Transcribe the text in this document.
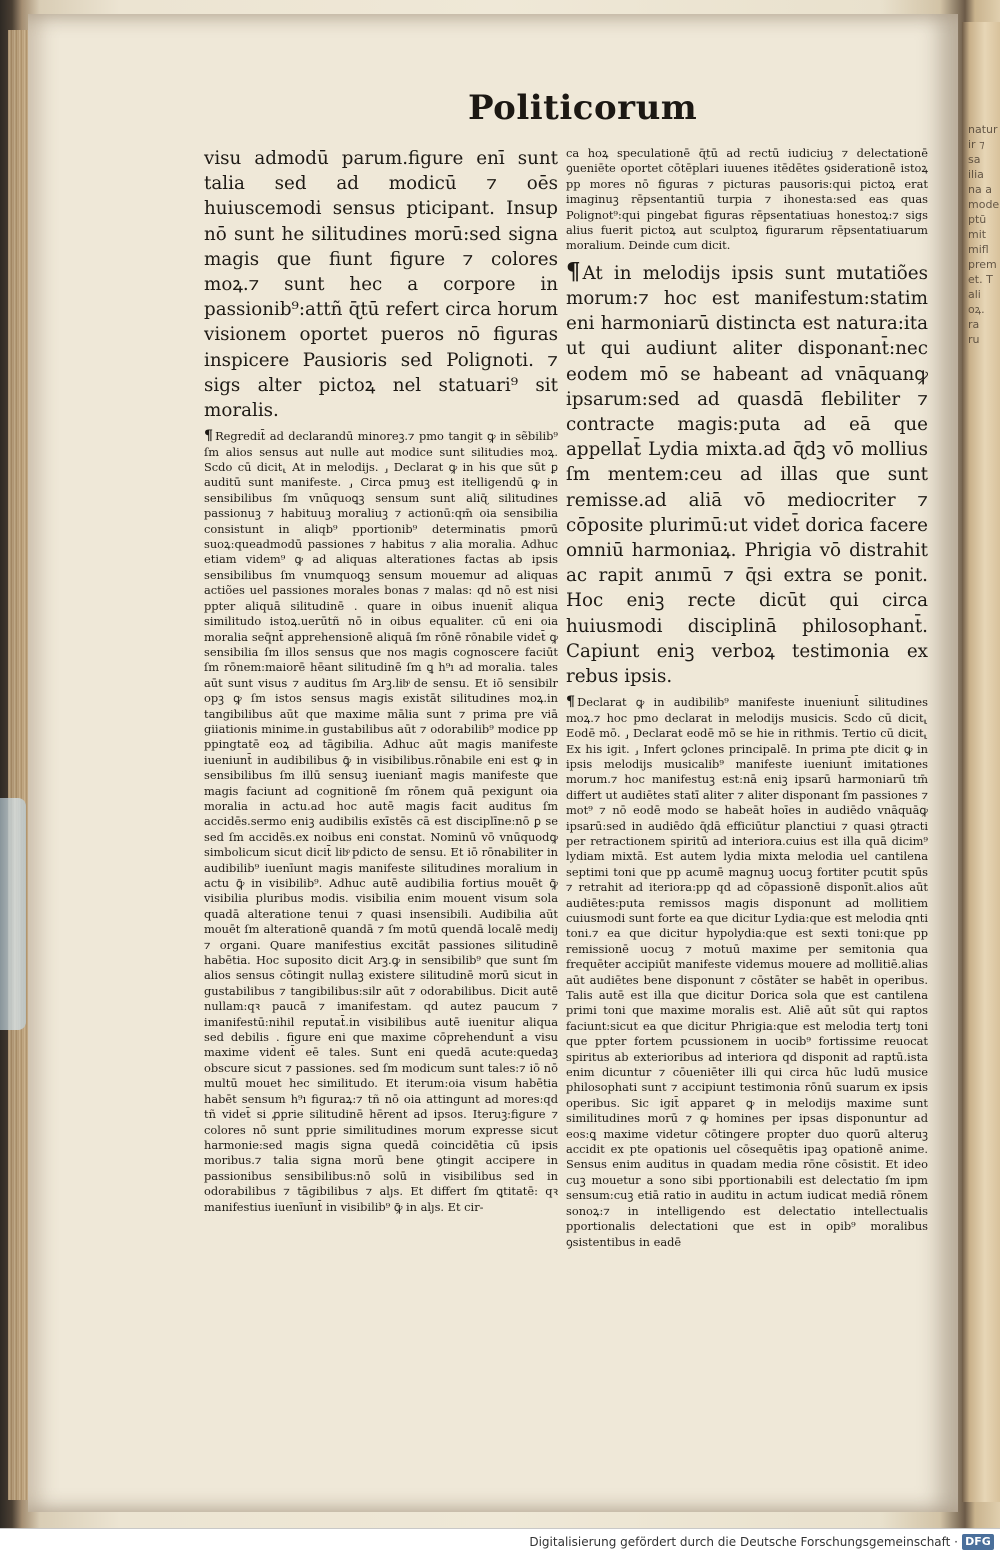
natur
ir ⁊
sa
ilia
na a
mode
ptū
mit
mifl
prem
et. T
ali
oꝝ.
ra
ru
Politicorum

visu admodū parum.figure enī sunt talia sed ad modicū ⁊ oēs huiuscemodi sensus pticipant. Insup nō sunt he silitudines morū:sed signa magis que fiunt figure ⁊ colores moꝝ.⁊ sunt hec a corpore in passionib⁹:attñ ɋ̄tū refert circa horum visionem oportet pueros nō figuras inspicere Pausioris sed Polignoti. ⁊ sigs alter pictoꝝ nel statuari⁹ sit moralis.

¶ Regredit̄ ad declarandū minoreꝫ.⁊ pmo tangit ꝙ in sẽbilib⁹ ſm alios sensus aut nulle aut modice sunt silitudies moꝝ. Scdo cū dicit⸤ At in melodijs. ⸥ Declarat ꝙ in his que sūt ꝑ auditū sunt manifeste. ⸥ Circa pmuꝫ est itelligendū ꝙ in sensibilibus ſm vnūquoꝗꝫ sensum sunt aliɋ̄ silitudines passionuꝫ ⁊ habituuꝫ moraliuꝫ ⁊ actionū:qm̄ oia sensibilia consistunt in aliqb⁹ pportionib⁹ determinatis pmorū suoꝝ:queadmodū passiones ⁊ habitus ⁊ alia moralia. Adhuc etiam videm⁹ ꝙ ad aliquas alterationes factas ab ipsis sensibilibus ſm vnumquoꝗꝫ sensum mouemur ad aliquas actiões uel passiones morales bonas ⁊ malas: qd nō est nisi ppter aliquā silitudinē . quare in oibus inuenit̄ aliqua similitudo istoꝝ.uerūtñ nō in oibus equaliter. cū eni oia moralia seq̄nt̄ apprehensionē aliquā ſm rōnē rōnabile videt̄ ꝙ sensibilia ſm illos sensus que nos magis cognoscere faciūt ſm rōnem:maiorē hēant silitudinē ſm ꝗ h⁹ı ad moralia. tales aūt sunt visus ⁊ auditus ſm Arꝫ.libͦ de sensu. Et iō sensibilr opꝫ ꝙ ſm istos sensus magis existāt silitudines moꝝ.in tangibilibus aūt que maxime mālia sunt ⁊ prima pre viā giiationis minime.in gustabilibus aūt ⁊ odorabilib⁹ modice pp ppingtatē eoꝝ ad tāgibilia. Adhuc aūt magis manifeste iueniunt̄ in audibilibus ꝙ̄ in visibilibus.rōnabile eni est ꝙ in sensibilibus ſm illū sensuꝫ iueniant̄ magis manifeste que magis faciunt ad cognitionē ſm rōnem quā pexigunt oia moralia in actu.ad hoc autē magis facit auditus ſm accidēs.sermo eniꝫ audibilis exīstēs cā est disciplīne:nō ꝑ se sed ſm accidēs.ex noibus eni constat. Nominū vō vnūquodꝙ simbolicum sicut dicit̄ libͦ pdicto de sensu. Et iō rōnabiliter in audibilib⁹ iuenīunt magis manifeste silitudines moralium in actu ꝙ̄ in visibilib⁹. Adhuc autē audibilia fortius mouēt ꝙ̄ visibilia pluribus modis. visibilia enim mouent visum sola quadā alteratione tenui ⁊ quasi insensibili. Audibilia aūt mouēt ſm alterationē quandā ⁊ ſm motū quendā localē mediȷ ⁊ organi. Quare manifestius excitāt passiones silitudinē habētia. Hoc suposito dicit Arꝫ.ꝙ in sensibilib⁹ que sunt ſm alios sensus cōtingit nullaꝫ existere silitudinē morū sicut in gustabilibus ⁊ tangibilibus:silr aūt ⁊ odorabilibus. Dicit autē nullam:qꝛ paucā ⁊ imanifestam. qd autez paucum ⁊ imanifestū:nihil reputat̄.in visibilibus autē iuenitur aliqua sed debilis . figure eni que maxime cōprehendunt̄ a visu maxime vident̄ eē tales. Sunt eni quedā acute:quedaꝫ obscure sicut ⁊ passiones. sed ſm modicum sunt tales:⁊ iō nō multū mouet hec similitudo. Et iterum:oia visum habētia habēt sensum h⁹ı figuraꝝ:⁊ tñ nō oia attingunt ad mores:qd tñ videt̄ si ꝓprie silitudinē hērent ad ipsos. Iteruꝫ:figure ⁊ colores nō sunt pprie similitudines morum expresse sicut harmonie:sed magis signa quedā coincidētia cū ipsis moribus.⁊ talia signa morū bene ꝯtingit accipere in passionibus sensibilibus:nō solū in visibilibus sed in odorabilibus ⁊ tāgibilibus ⁊ alȷs. Et differt ſm ꝗtitatē: qꝛ manifestius iuenīunt̄ in visibilib⁹ ꝙ̄ in alȷs. Et cir-

ca hoꝝ speculationē ɋ̄tū ad rectū iudiciuꝫ ⁊ delectationē ꝯueniēte oportet cōtēplari iuuenes itēdētes ꝯsiderationē istoꝝ pp mores nō figuras ⁊ picturas pausoris:qui pictoꝝ erat imaginuꝫ rēpsentantiū turpia ⁊ ihonesta:sed eas quas Polignot⁹:qui pingebat figuras rēpsentatiuas honestoꝝ:⁊ sigs alius fuerit pictoꝝ aut sculptoꝝ figurarum rēpsentatiuarum moralium. Deinde cum dicit.

¶ At in melodijs ipsis sunt mutatiões morum:⁊ hoc est manifestum:statim eni harmoniarū distincta est natura:ita ut qui audiunt aliter disponant̄:nec eodem mō se habeant ad vnāquanꝙ ipsarum:sed ad quasdā flebiliter ⁊ contracte magis:puta ad eā que appellat̄ Lydia mixta.ad ɋ̄dꝫ vō mollius ſm mentem:ceu ad illas que sunt remisse.ad aliā vō mediocriter ⁊ cōposite plurimū:ut videt̄ dorica facere omniū harmoniaꝝ. Phrigia vō distrahit ac rapit anımū ⁊ ɋ̄si extra se ponit. Hoc eniꝫ recte dicūt qui circa huiusmodi disciplinā philosophant̄. Capiunt eniꝫ verboꝝ testimonia ex rebus ipsis.

¶ Declarat ꝙ in audibilib⁹ manifeste inueniunt̄ silitudines moꝝ.⁊ hoc pmo declarat in melodijs musicis. Scdo cū dicit⸤ Eodē mō. ⸥ Declarat eodē mō se hie in rithmis. Tertio cū dicit⸤ Ex his igit. ⸥ Infert ꝯclones principalē. In prima pte dicit ꝙ in ipsis melodijs musicalib⁹ manifeste iueniunt̄ imitationes morum.⁊ hoc manifestuꝫ est:nā eniꝫ ipsarū harmoniarū tm̄ differt ut audiētes statī aliter ⁊ aliter disponant ſm passiones ⁊ mot⁹ ⁊ nō eodē modo se habeāt hoīes in audiēdo vnāquāꝙ ipsarū:sed in audiēdo ɋ̄dā efficiūtur planctiui ⁊ quasi ꝯtracti per retractionem spiritū ad interiora.cuius est illa quā dicim⁹ lydiam mixtā. Est autem lydia mixta melodia uel cantilena septimi toni que pp acumē magnuꝫ uocuꝫ fortiter pcutit spūs ⁊ retrahit ad iteriora:pp qd ad cōpassionē disponīt.alios aūt audiētes:puta remissos magis disponunt ad mollitiem cuiusmodi sunt forte ea que dicitur Lydia:que est melodia qnti toni.⁊ ea que dicitur hypolydia:que est sexti toni:que pp remissionē uocuꝫ ⁊ motuū maxime per semitonia qua frequēter accipiūt manifeste videmus mouere ad mollitiē.alias aūt audiētes bene disponunt ⁊ cōstāter se habēt in operibus. Talis autē est illa que dicitur Dorica sola que est cantilena primi toni que maxime moralis est. Aliē aūt sūt qui raptos faciunt:sicut ea que dicitur Phrigia:que est melodia tertȷ toni que ppter fortem pcussionem in uocib⁹ fortissime reuocat spiritus ab exterioribus ad interiora qd disponit ad raptū.ista enim dicuntur ⁊ cōueniēter illi qui circa hūc ludū musice philosophati sunt ⁊ accipiunt testimonia rōnū suarum ex ipsis operibus. Sic igit̄ apparet ꝙ in melodijs maxime sunt similitudines morū ⁊ ꝙ homines per ipsas disponuntur ad eos:ꝗ maxime videtur cōtingere propter duo quorū alteruꝫ accidit ex pte opationis uel cōsequētis ipaꝫ opationē anime. Sensus enim auditus in quadam media rōne cōsistit. Et ideo cuꝫ mouetur a sono sibi pportionabili est delectatio ſm ipm sensum:cuꝫ etiā ratio in auditu in actum iudicat mediā rōnem sonoꝝ:⁊ in intelligendo est delectatio intellectualis pportionalis delectationi que est in opib⁹ moralibus ꝯsistentibus in eadē

Digitalisierung gefördert durch die Deutsche Forschungsgemeinschaft · DFG
